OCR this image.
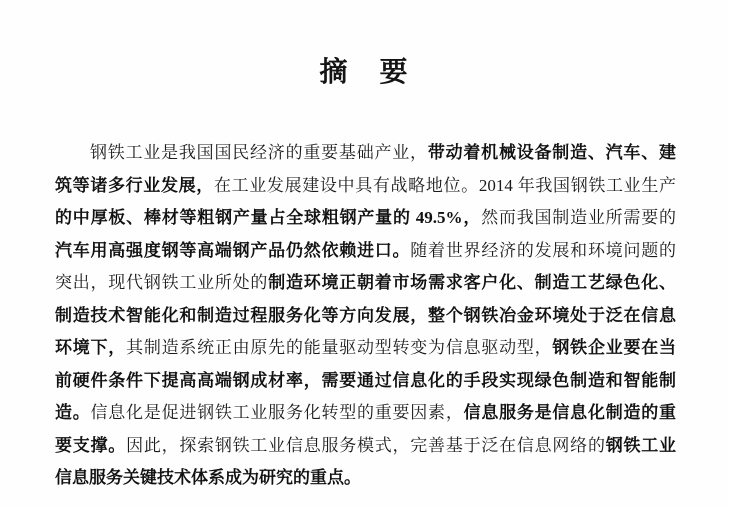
摘　要
钢铁工业是我国国民经济的重要基础产业，带动着机械设备制造、汽车、建
筑等诸多行业发展，在工业发展建设中具有战略地位。2014 年我国钢铁工业生产
的中厚板、棒材等粗钢产量占全球粗钢产量的 49.5%，然而我国制造业所需要的
汽车用高强度钢等高端钢产品仍然依赖进口。随着世界经济的发展和环境问题的
突出，现代钢铁工业所处的制造环境正朝着市场需求客户化、制造工艺绿色化、
制造技术智能化和制造过程服务化等方向发展，整个钢铁冶金环境处于泛在信息
环境下，其制造系统正由原先的能量驱动型转变为信息驱动型，钢铁企业要在当
前硬件条件下提高高端钢成材率，需要通过信息化的手段实现绿色制造和智能制
造。信息化是促进钢铁工业服务化转型的重要因素，信息服务是信息化制造的重
要支撑。因此，探索钢铁工业信息服务模式，完善基于泛在信息网络的钢铁工业
信息服务关键技术体系成为研究的重点。
